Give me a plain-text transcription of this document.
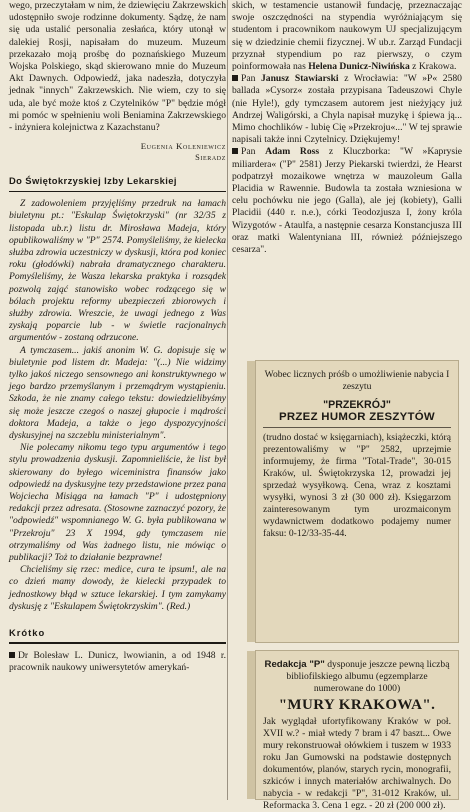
wego, przeczytałam w nim, że dziewięciu Zakrzewskich udostępniło swoje rodzinne dokumenty. Sądzę, że nam się uda ustalić personalia zesłańca, który utonął w dalekiej Rosji, napisałam do muzeum. Muzeum przekazało moją prośbę do poznańskiego Muzeum Wojska Polskiego, skąd skierowano mnie do Muzeum Akt Dawnych. Odpowiedź, jaka nadeszła, dotyczyła jednak "innych" Zakrzewskich. Nie wiem, czy to się uda, ale być może ktoś z Czytelników "P" będzie mógł mi pomóc w spełnieniu woli Beniamina Zakrzewskiego - inżyniera kolejnictwa z Kazachstanu?

Eugenia Koleniewicz
Sieradz
Do Świętokrzyskiej Izby Lekarskiej

Z zadowoleniem przyjęliśmy przedruk na łamach biuletynu pt.: "Eskulap Świętokrzyski" (nr 32/35 z listopada ub.r.) listu dr. Mirosława Madeja, który opublikowaliśmy w "P" 2574. Pomyśleliśmy, że kielecka służba zdrowia uczestniczy w dyskusji, która pod koniec roku (głodówki) nabrała dramatycznego charakteru. Pomyśleliśmy, że Wasza lekarska praktyka i rozsądek pozwolą zająć stanowisko wobec rodzącego się w bólach projektu reformy ubezpieczeń zbiorowych i służby zdrowia. Wreszcie, że uwagi jednego z Was zyskają poparcie lub - w świetle racjonalnych argumentów - zostaną odrzucone.

A tymczasem... jakiś anonim W. G. dopisuje się w biuletynie pod listem dr. Madeja: "(...) Nie widzimy tylko jakoś niczego sensownego ani konstruktywnego w jego bardzo przemyślanym i przemądrym wystąpieniu. Szkoda, że nie znamy całego tekstu: dowiedzielibyśmy się może jeszcze czegoś o naszej głupocie i mądrości doktora Madeja, a także o jego dyspozycyjności dyskusyjnej na szczeblu ministerialnym".

Nie polecamy nikomu tego typu argumentów i tego stylu prowadzenia dyskusji. Zapomnieliście, że list był skierowany do byłego wiceministra finansów jako odpowiedź na dyskusyjne tezy przedstawione przez pana Wojciecha Misiąga na łamach "P" i udostępniony redakcji przez adresata. (Stosowne zaznaczyć pozory, że "odpowiedź" wspomnianego W. G. była publikowana w "Przekroju" 23 X 1994, gdy tymczasem nie otrzymaliśmy od Was żadnego listu, nie mówiąc o publikacji? Toż to działanie bezprawne!

Chcieliśmy się rzec: medice, cura te ipsum!, ale na co dzień mamy dowody, że kielecki przypadek to jednostkowy błąd w sztuce lekarskiej. I tym zamykamy dyskusję z "Eskulapem Świętokrzyskim". (Red.)

Krótko

Dr Bolesław L. Dunicz, lwowianin, a od 1948 r. pracownik naukowy uniwersytetów amerykań-

skich, w testamencie ustanowił fundację, przeznaczając swoje oszczędności na stypendia wyróżniającym się studentom i pracownikom naukowym UJ specjalizującym się w dziedzinie chemii fizycznej. W ub.r. Zarząd Fundacji przyznał stypendium po raz pierwszy, o czym poinformowała nas Helena Dunicz-Niwińska z Krakowa.

Pan Janusz Stawiarski z Wrocławia: "W »P« 2580 ballada »Cysorz« została przypisana Tadeuszowi Chyle (nie Hyle!), gdy tymczasem autorem jest nieżyjący już Andrzej Waligórski, a Chyla napisał muzykę i śpiewa ją... Mimo chochlików - lubię Cię »Przekroju«..." W tej sprawie napisali także inni Czytelnicy. Dziękujemy!

Pan Adam Ross z Kluczborka: "W »Kaprysie miliardera« ("P" 2581) Jerzy Piekarski twierdzi, że Hearst podpatrzył mozaikowe wnętrza w mauzoleum Galla Placidia w Rawennie. Budowla ta została wzniesiona w celu pochówku nie jego (Galla), ale jej (kobiety), Galli Placidii (440 r. n.e.), córki Teodozjusza I, żony króla Wizygotów - Ataulfa, a następnie cesarza Konstancjusza III oraz matki Walentyniana III, również późniejszego cesarza".

Wobec licznych próśb o umożliwienie nabycia I zeszytu
"PRZEKRÓJ"
PRZEZ HUMOR ZESZYTÓW

(trudno dostać w księgarniach), książeczki, którą prezentowaliśmy w "P" 2582, uprzejmie informujemy, że firma "Total-Trade", 30-015 Kraków, ul. Świętokrzyska 12, prowadzi jej sprzedaż wysyłkową. Cena, wraz z kosztami wysyłki, wynosi 3 zł (30 000 zł). Księgarzom zainteresowanym tym urozmaiconym wydawnictwem dodatkowo podajemy numer faksu: 0-12/33-35-44.

Redakcja "P" dysponuje jeszcze pewną liczbą bibliofilskiego albumu (egzemplarze numerowane do 1000)
"MURY KRAKOWA".

Jak wyglądał ufortyfikowany Kraków w poł. XVII w.? - miał wtedy 7 bram i 47 baszt... Owe mury rekonstruował ołówkiem i tuszem w 1933 roku Jan Gumowski na podstawie dostępnych dokumentów, planów, starych rycin, monografii, szkiców i innych materiałów archiwalnych. Do nabycia - w redakcji "P", 31-012 Kraków, ul. Reformacka 3. Cena 1 egz. - 20 zł (200 000 zł).
